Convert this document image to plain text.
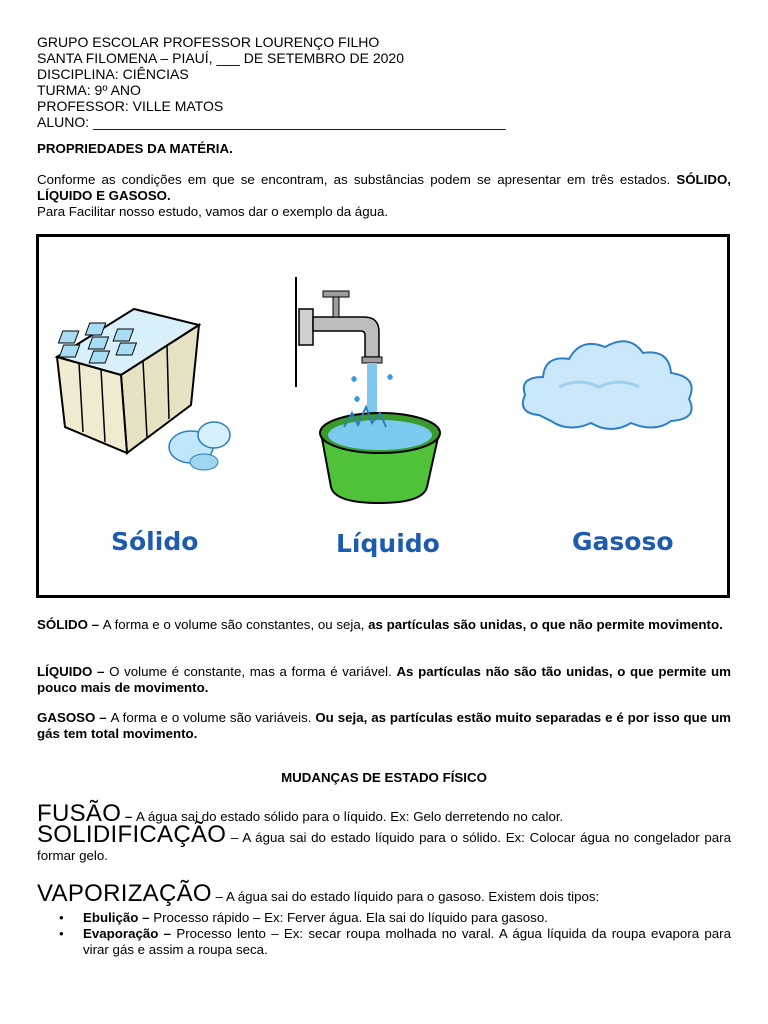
GRUPO ESCOLAR PROFESSOR LOURENÇO FILHO
SANTA FILOMENA – PIAUÍ, ___ DE SETEMBRO DE 2020
DISCIPLINA: CIÊNCIAS
TURMA: 9º ANO
PROFESSOR: VILLE MATOS
ALUNO: _____________________________________________________
PROPRIEDADES DA MATÉRIA.
Conforme as condições em que se encontram, as substâncias podem se apresentar em três estados. SÓLIDO, LÍQUIDO E GASOSO.
Para Facilitar nosso estudo, vamos dar o exemplo da água.
Sólido	Líquido	Gasoso
SÓLIDO – A forma e o volume são constantes, ou seja, as partículas são unidas, o que não permite movimento.
LÍQUIDO – O volume é constante, mas a forma é variável. As partículas não são tão unidas, o que permite um pouco mais de movimento.
GASOSO – A forma e o volume são variáveis. Ou seja, as partículas estão muito separadas e é por isso que um gás tem total movimento.
MUDANÇAS DE ESTADO FÍSICO
FUSÃO – A água sai do estado sólido para o líquido. Ex: Gelo derretendo no calor.
SOLIDIFICAÇÃO – A água sai do estado líquido para o sólido. Ex: Colocar água no congelador para formar gelo.
VAPORIZAÇÃO – A água sai do estado líquido para o gasoso. Existem dois tipos:
• Ebulição – Processo rápido – Ex: Ferver água. Ela sai do líquido para gasoso.
• Evaporação – Processo lento – Ex: secar roupa molhada no varal. A água líquida da roupa evapora para virar gás e assim a roupa seca.
